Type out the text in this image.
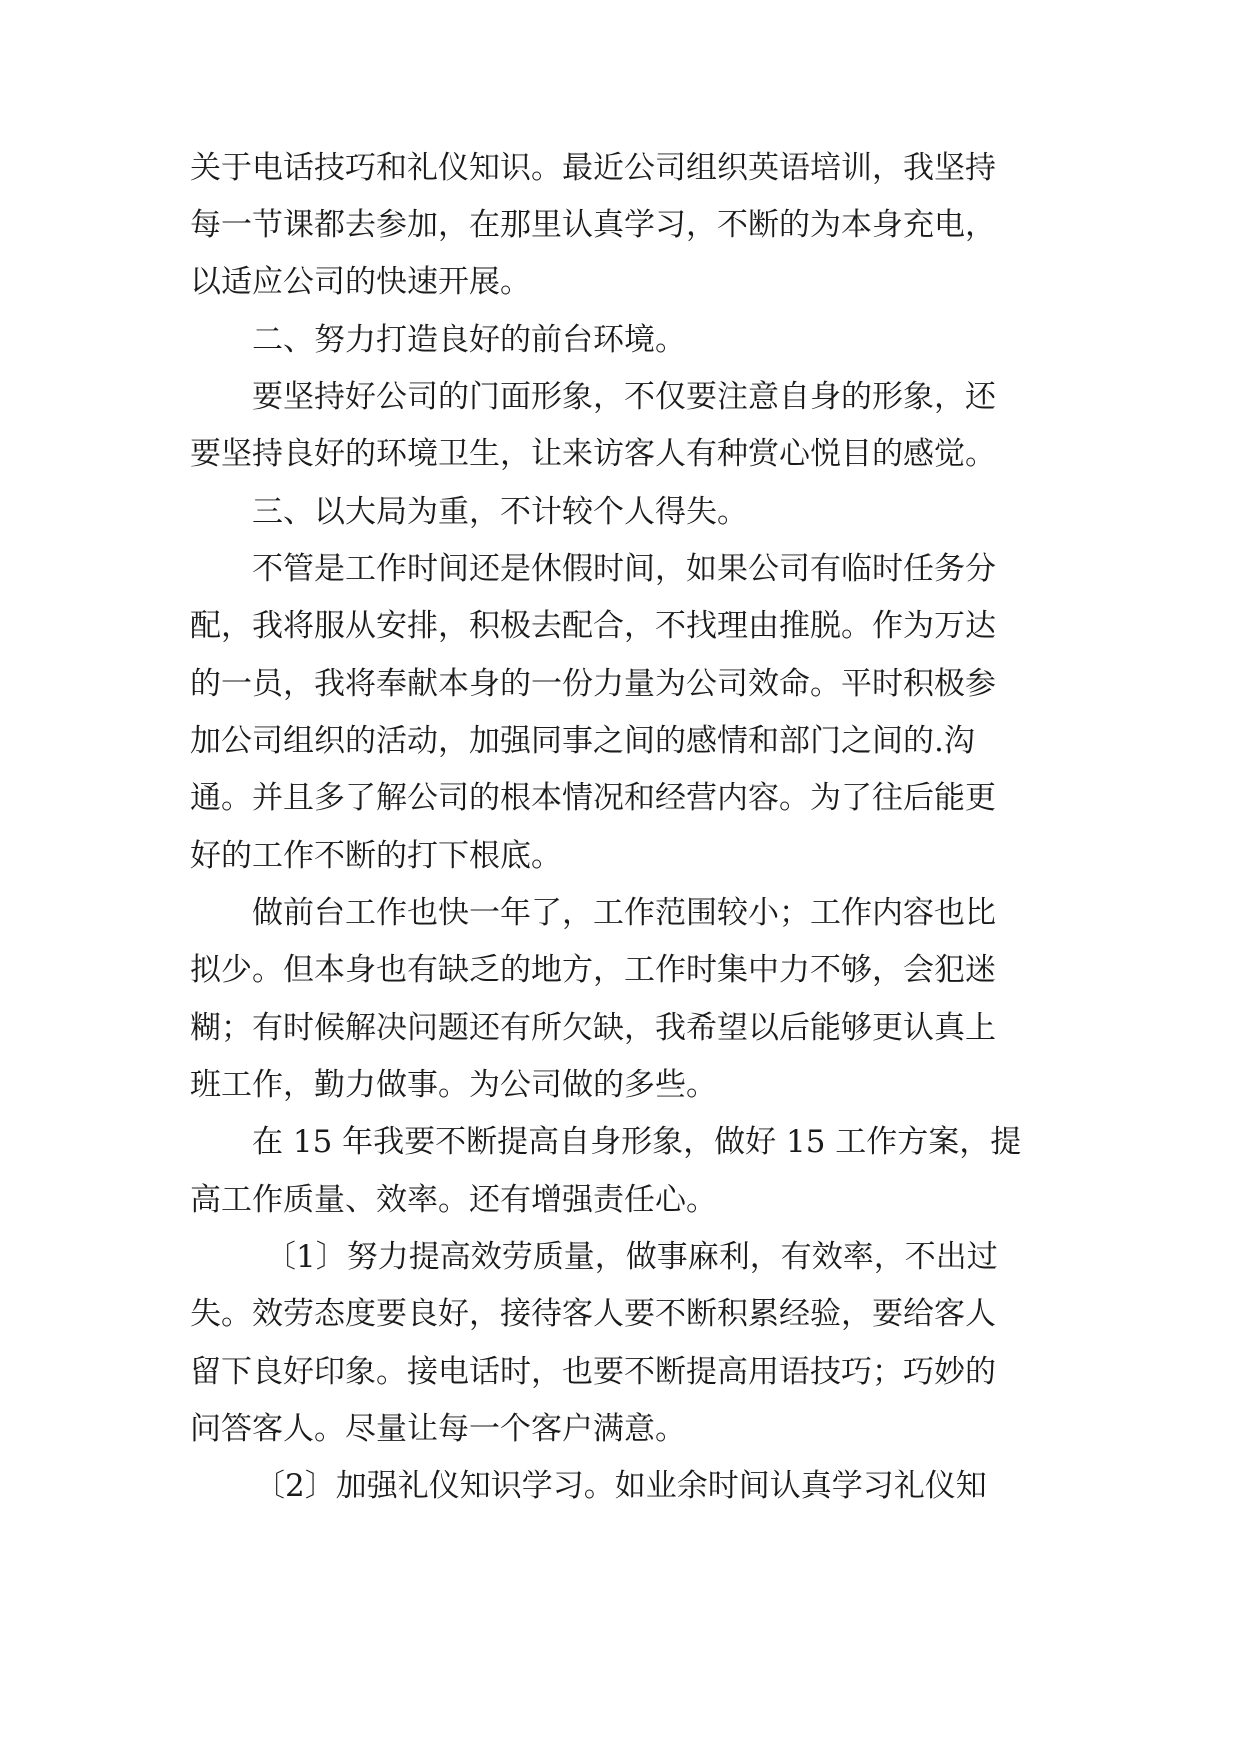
关于电话技巧和礼仪知识。最近公司组织英语培训，我坚持
每一节课都去参加，在那里认真学习，不断的为本身充电，
以适应公司的快速开展。
二、努力打造良好的前台环境。
要坚持好公司的门面形象，不仅要注意自身的形象，还
要坚持良好的环境卫生，让来访客人有种赏心悦目的感觉。
三、以大局为重，不计较个人得失。
不管是工作时间还是休假时间，如果公司有临时任务分
配，我将服从安排，积极去配合，不找理由推脱。作为万达
的一员，我将奉献本身的一份力量为公司效命。平时积极参
加公司组织的活动，加强同事之间的感情和部门之间的.沟
通。并且多了解公司的根本情况和经营内容。为了往后能更
好的工作不断的打下根底。
做前台工作也快一年了，工作范围较小；工作内容也比
拟少。但本身也有缺乏的地方，工作时集中力不够，会犯迷
糊；有时候解决问题还有所欠缺，我希望以后能够更认真上
班工作，勤力做事。为公司做的多些。
在 15 年我要不断提高自身形象，做好 15 工作方案，提
高工作质量、效率。还有增强责任心。
〔1〕努力提高效劳质量，做事麻利，有效率，不出过
失。效劳态度要良好，接待客人要不断积累经验，要给客人
留下良好印象。接电话时，也要不断提高用语技巧；巧妙的
问答客人。尽量让每一个客户满意。
〔2〕加强礼仪知识学习。如业余时间认真学习礼仪知
